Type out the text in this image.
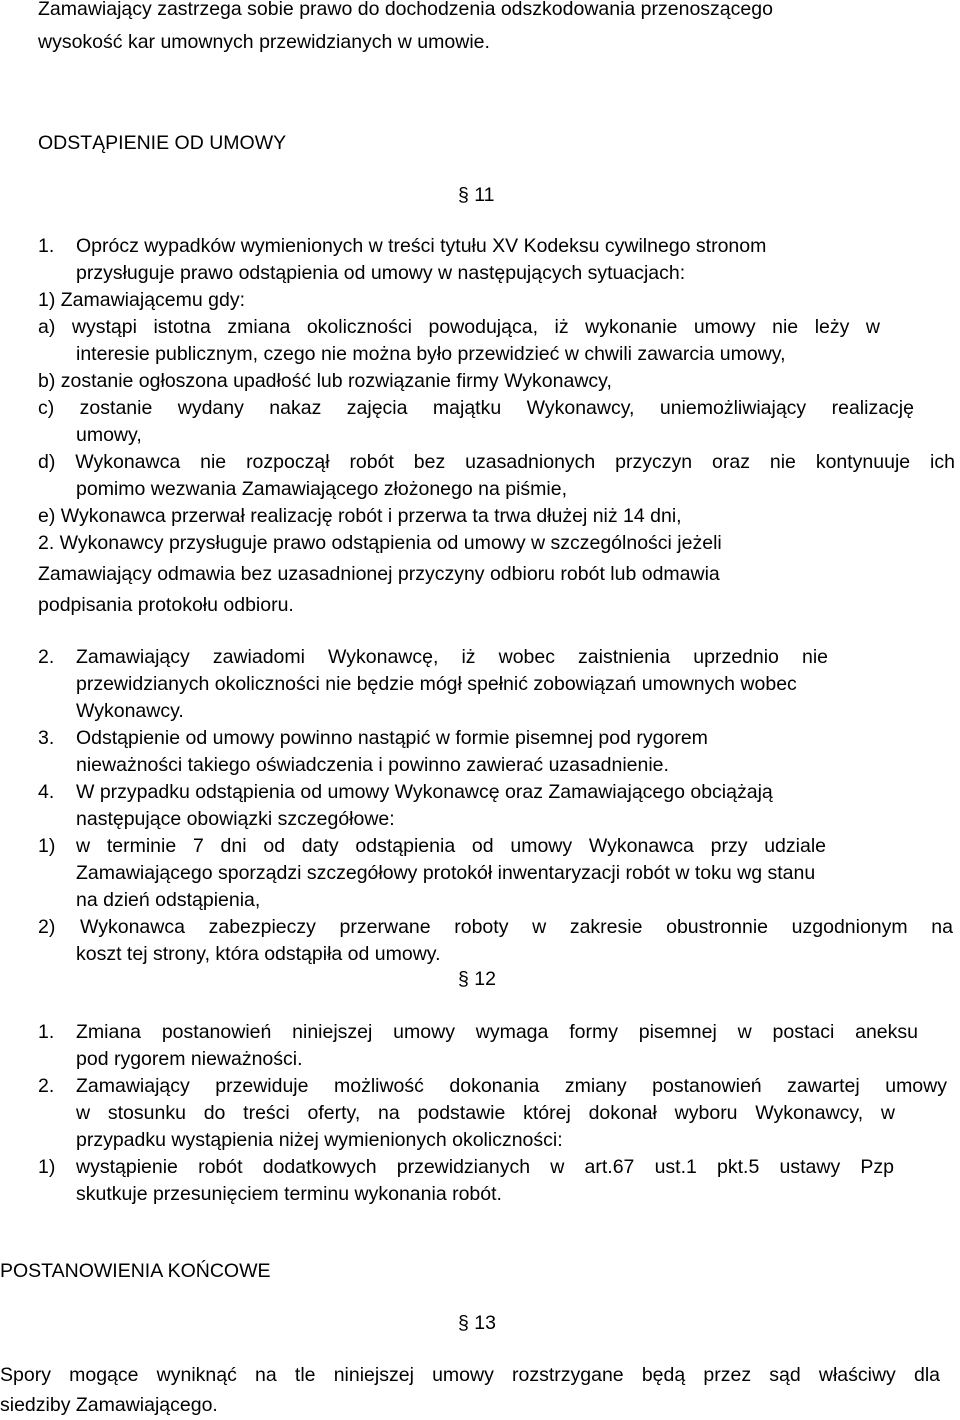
Zamawiający zastrzega sobie prawo do dochodzenia odszkodowania przenoszącego
wysokość kar umownych przewidzianych w umowie.
ODSTĄPIENIE OD UMOWY
§ 11
1. Oprócz wypadków wymienionych w treści tytułu XV Kodeksu cywilnego stronom
przysługuje prawo odstąpienia od umowy w następujących sytuacjach:
1) Zamawiającemu gdy:
a) wystąpi istotna zmiana okoliczności powodująca, iż wykonanie umowy nie leży w
interesie publicznym, czego nie można było przewidzieć w chwili zawarcia umowy,
b) zostanie ogłoszona upadłość lub rozwiązanie firmy Wykonawcy,
c) zostanie wydany nakaz zajęcia majątku Wykonawcy, uniemożliwiający realizację
umowy,
d) Wykonawca nie rozpoczął robót bez uzasadnionych przyczyn oraz nie kontynuuje ich
pomimo wezwania Zamawiającego złożonego na piśmie,
e) Wykonawca przerwał realizację robót i przerwa ta trwa dłużej niż 14 dni,
2. Wykonawcy przysługuje prawo odstąpienia od umowy w szczególności jeżeli
Zamawiający odmawia bez uzasadnionej przyczyny odbioru robót lub odmawia
podpisania protokołu odbioru.
2. Zamawiający zawiadomi Wykonawcę, iż wobec zaistnienia uprzednio nie
przewidzianych okoliczności nie będzie mógł spełnić zobowiązań umownych wobec
Wykonawcy.
3. Odstąpienie od umowy powinno nastąpić w formie pisemnej pod rygorem
nieważności takiego oświadczenia i powinno zawierać uzasadnienie.
4. W przypadku odstąpienia od umowy Wykonawcę oraz Zamawiającego obciążają
następujące obowiązki szczegółowe:
1) w terminie 7 dni od daty odstąpienia od umowy Wykonawca przy udziale
Zamawiającego sporządzi szczegółowy protokół inwentaryzacji robót w toku wg stanu
na dzień odstąpienia,
2) Wykonawca zabezpieczy przerwane roboty w zakresie obustronnie uzgodnionym na
koszt tej strony, która odstąpiła od umowy.
§ 12
1. Zmiana postanowień niniejszej umowy wymaga formy pisemnej w postaci aneksu
pod rygorem nieważności.
2. Zamawiający przewiduje możliwość dokonania zmiany postanowień zawartej umowy
w stosunku do treści oferty, na podstawie której dokonał wyboru Wykonawcy, w
przypadku wystąpienia niżej wymienionych okoliczności:
1) wystąpienie robót dodatkowych przewidzianych w art.67 ust.1 pkt.5 ustawy Pzp
skutkuje przesunięciem terminu wykonania robót.
POSTANOWIENIA KOŃCOWE
§ 13
Spory mogące wyniknąć na tle niniejszej umowy rozstrzygane będą przez sąd właściwy dla
siedziby Zamawiającego.
